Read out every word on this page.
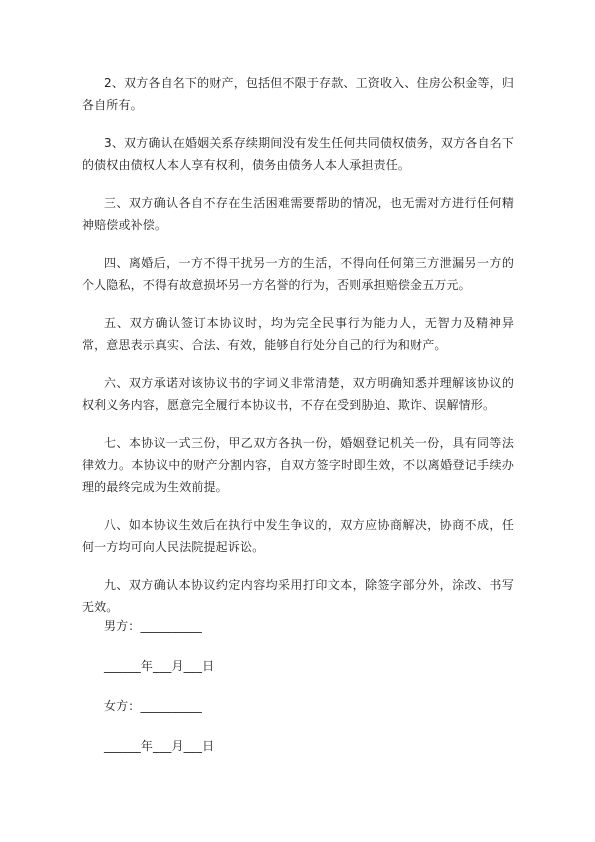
2、双方各自名下的财产，包括但不限于存款、工资收入、住房公积金等，归各自所有。

3、双方确认在婚姻关系存续期间没有发生任何共同债权债务，双方各自名下的债权由债权人本人享有权利，债务由债务人本人承担责任。

三、双方确认各自不存在生活困难需要帮助的情况，也无需对方进行任何精神赔偿或补偿。

四、离婚后，一方不得干扰另一方的生活，不得向任何第三方泄漏另一方的个人隐私，不得有故意损坏另一方名誉的行为，否则承担赔偿金五万元。

五、双方确认签订本协议时，均为完全民事行为能力人，无智力及精神异常，意思表示真实、合法、有效，能够自行处分自己的行为和财产。

六、双方承诺对该协议书的字词义非常清楚，双方明确知悉并理解该协议的权利义务内容，愿意完全履行本协议书，不存在受到胁迫、欺诈、误解情形。

七、本协议一式三份，甲乙双方各执一份，婚姻登记机关一份，具有同等法律效力。本协议中的财产分割内容，自双方签字时即生效，不以离婚登记手续办理的最终完成为生效前提。

八、如本协议生效后在执行中发生争议的，双方应协商解决，协商不成，任何一方均可向人民法院提起诉讼。

九、双方确认本协议约定内容均采用打印文本，除签字部分外，涂改、书写无效。

男方：__________
______年___月___日
女方：__________
______年___月___日
